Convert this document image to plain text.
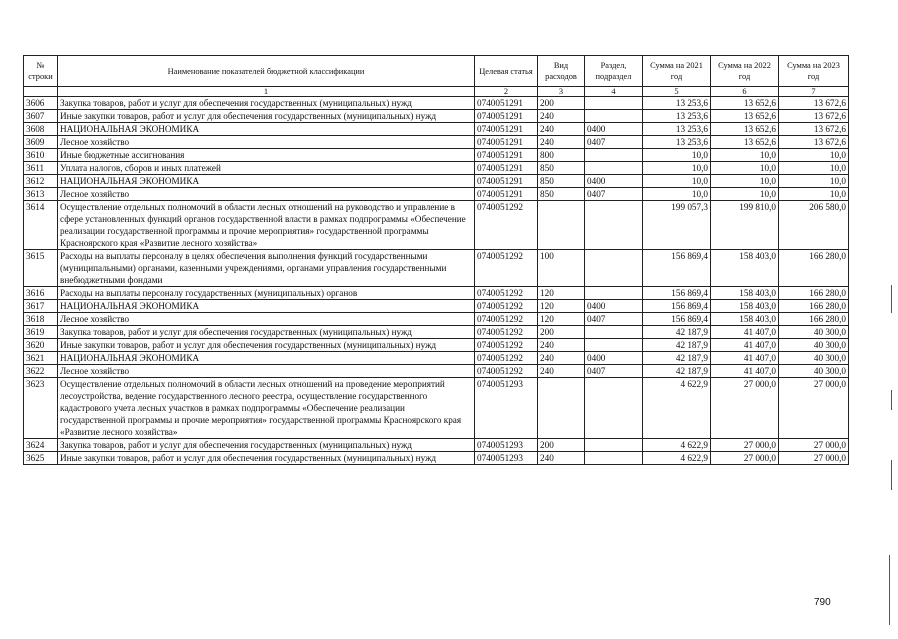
№ строки	Наименование показателей бюджетной классификации	Целевая статья	Вид расходов	Раздел, подраздел	Сумма на 2021 год	Сумма на 2022 год	Сумма на 2023 год
	1	2	3	4	5	6	7
3606	Закупка товаров, работ и услуг для обеспечения государственных (муниципальных) нужд	0740051291	200		13 253,6	13 652,6	13 672,6
3607	Иные закупки товаров, работ и услуг для обеспечения государственных (муниципальных) нужд	0740051291	240		13 253,6	13 652,6	13 672,6
3608	НАЦИОНАЛЬНАЯ ЭКОНОМИКА	0740051291	240	0400	13 253,6	13 652,6	13 672,6
3609	Лесное хозяйство	0740051291	240	0407	13 253,6	13 652,6	13 672,6
3610	Иные бюджетные ассигнования	0740051291	800		10,0	10,0	10,0
3611	Уплата налогов, сборов и иных платежей	0740051291	850		10,0	10,0	10,0
3612	НАЦИОНАЛЬНАЯ ЭКОНОМИКА	0740051291	850	0400	10,0	10,0	10,0
3613	Лесное хозяйство	0740051291	850	0407	10,0	10,0	10,0
3614	Осуществление отдельных полномочий в области лесных отношений на руководство и управление в сфере установленных функций органов государственной власти в рамках подпрограммы «Обеспечение реализации государственной программы и прочие мероприятия» государственной программы Красноярского края «Развитие лесного хозяйства»	0740051292			199 057,3	199 810,0	206 580,0
3615	Расходы на выплаты персоналу в целях обеспечения выполнения функций государственными (муниципальными) органами, казенными учреждениями, органами управления государственными внебюджетными фондами	0740051292	100		156 869,4	158 403,0	166 280,0
3616	Расходы на выплаты персоналу государственных (муниципальных) органов	0740051292	120		156 869,4	158 403,0	166 280,0
3617	НАЦИОНАЛЬНАЯ ЭКОНОМИКА	0740051292	120	0400	156 869,4	158 403,0	166 280,0
3618	Лесное хозяйство	0740051292	120	0407	156 869,4	158 403,0	166 280,0
3619	Закупка товаров, работ и услуг для обеспечения государственных (муниципальных) нужд	0740051292	200		42 187,9	41 407,0	40 300,0
3620	Иные закупки товаров, работ и услуг для обеспечения государственных (муниципальных) нужд	0740051292	240		42 187,9	41 407,0	40 300,0
3621	НАЦИОНАЛЬНАЯ ЭКОНОМИКА	0740051292	240	0400	42 187,9	41 407,0	40 300,0
3622	Лесное хозяйство	0740051292	240	0407	42 187,9	41 407,0	40 300,0
3623	Осуществление отдельных полномочий в области лесных отношений на проведение мероприятий лесоустройства, ведение государственного лесного реестра, осуществление государственного кадастрового учета лесных участков в рамках подпрограммы «Обеспечение реализации государственной программы и прочие мероприятия» государственной программы Красноярского края «Развитие лесного хозяйства»	0740051293			4 622,9	27 000,0	27 000,0
3624	Закупка товаров, работ и услуг для обеспечения государственных (муниципальных) нужд	0740051293	200		4 622,9	27 000,0	27 000,0
3625	Иные закупки товаров, работ и услуг для обеспечения государственных (муниципальных) нужд	0740051293	240		4 622,9	27 000,0	27 000,0
790
